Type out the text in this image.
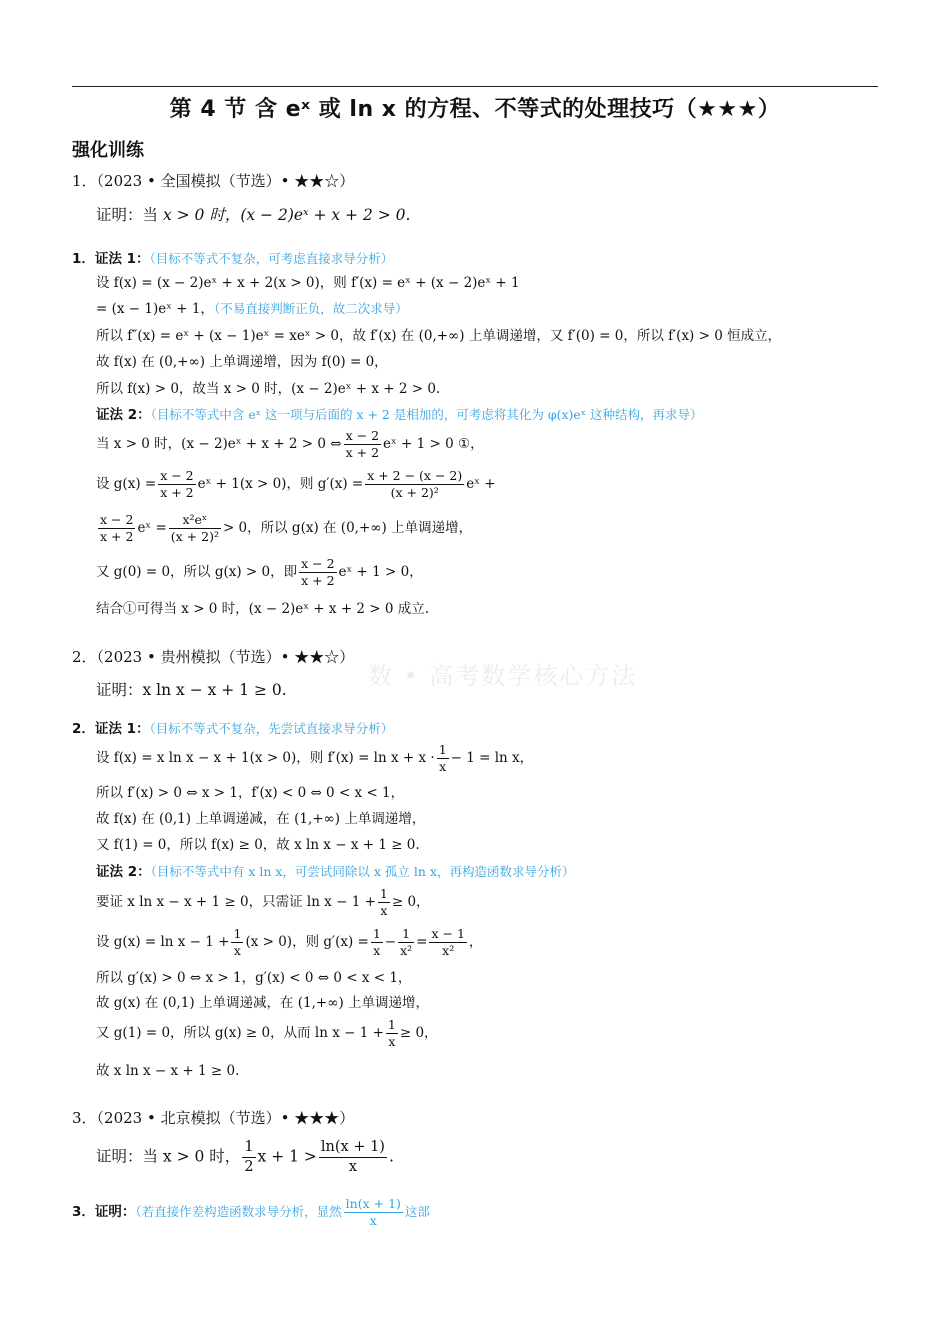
第 4 节 含 eˣ 或 ln x 的方程、不等式的处理技巧（★★★）
强化训练
数 • 高考数学核心方法
1．（2023 • 全国模拟（节选）• ★★☆）
证明：当 x > 0 时，(x − 2)eˣ + x + 2 > 0.
1．证法 1：（目标不等式不复杂，可考虑直接求导分析）
设 f(x) = (x − 2)eˣ + x + 2(x > 0)，则 f′(x) = eˣ + (x − 2)eˣ + 1
= (x − 1)eˣ + 1，（不易直接判断正负，故二次求导）
所以 f″(x) = eˣ + (x − 1)eˣ = xeˣ > 0，故 f′(x) 在 (0,+∞) 上单调递增，又 f′(0) = 0，所以 f′(x) > 0 恒成立，
故 f(x) 在 (0,+∞) 上单调递增，因为 f(0) = 0，
所以 f(x) > 0，故当 x > 0 时，(x − 2)eˣ + x + 2 > 0.
证法 2：（目标不等式中含 eˣ 这一项与后面的 x + 2 是相加的，可考虑将其化为 φ(x)eˣ 这种结构，再求导）
当 x > 0 时，(x − 2)eˣ + x + 2 > 0 ⇔ $\frac{x - 2}{x + 2}$ eˣ + 1 > 0 ①，
设 $g(x) = \frac{x - 2}{x + 2}$ eˣ + 1(x > 0)，则 $g'(x) = \frac{x + 2 - (x - 2)}{\text{(x + 2)²}}$ eˣ +
$\frac{x - 2}{x + 2}$ eˣ = $\frac{\text{x²eˣ}}{\text{(x + 2)²}} > 0$，所以 g(x) 在 (0,+∞) 上单调递增，
又 g(0) = 0，所以 g(x) > 0，即 $\frac{x - 2}{x + 2}$ eˣ + 1 > 0，
结合①可得当 x > 0 时，(x − 2)eˣ + x + 2 > 0 成立.
2．（2023 • 贵州模拟（节选）• ★★☆）
证明：x ln x − x + 1 ≥ 0.
2．证法 1：（目标不等式不复杂，先尝试直接求导分析）
设 f(x) = x ln x − x + 1(x > 0)，则 $f'(x) = \ln x + x \cdot \frac{1}{x} - 1 = \ln x$，
所以 f′(x) > 0 ⇔ x > 1，f′(x) < 0 ⇔ 0 < x < 1，
故 f(x) 在 (0,1) 上单调递减，在 (1,+∞) 上单调递增，
又 f(1) = 0，所以 f(x) ≥ 0，故 x ln x − x + 1 ≥ 0.
证法 2：（目标不等式中有 x ln x，可尝试同除以 x 孤立 ln x，再构造函数求导分析）
要证 x ln x − x + 1 ≥ 0，只需证 $\ln x - 1 + \frac{1}{x} \ge 0$，
设 $g(x) = \ln x - 1 + \frac{1}{x} (x > 0)$，则 $g'(x) = \frac{1}{x} - \frac{1}{\text{x²}} = \frac{x - 1}{\text{x²}}$ ，
所以 g′(x) > 0 ⇔ x > 1，g′(x) < 0 ⇔ 0 < x < 1，
故 g(x) 在 (0,1) 上单调递减，在 (1,+∞) 上单调递增，
又 g(1) = 0，所以 g(x) ≥ 0，从而 $\ln x - 1 + \frac{1}{x} \ge 0$，
故 x ln x − x + 1 ≥ 0.
3．（2023 • 北京模拟（节选）• ★★★）
证明：当 x > 0 时， $\frac{1}{2}$ $x + 1 > \frac{\ln(x + 1)}{x}$ .
3．证明：（若直接作差构造函数求导分析，显然 $\frac{\ln(x + 1)}{x}$ 这部
